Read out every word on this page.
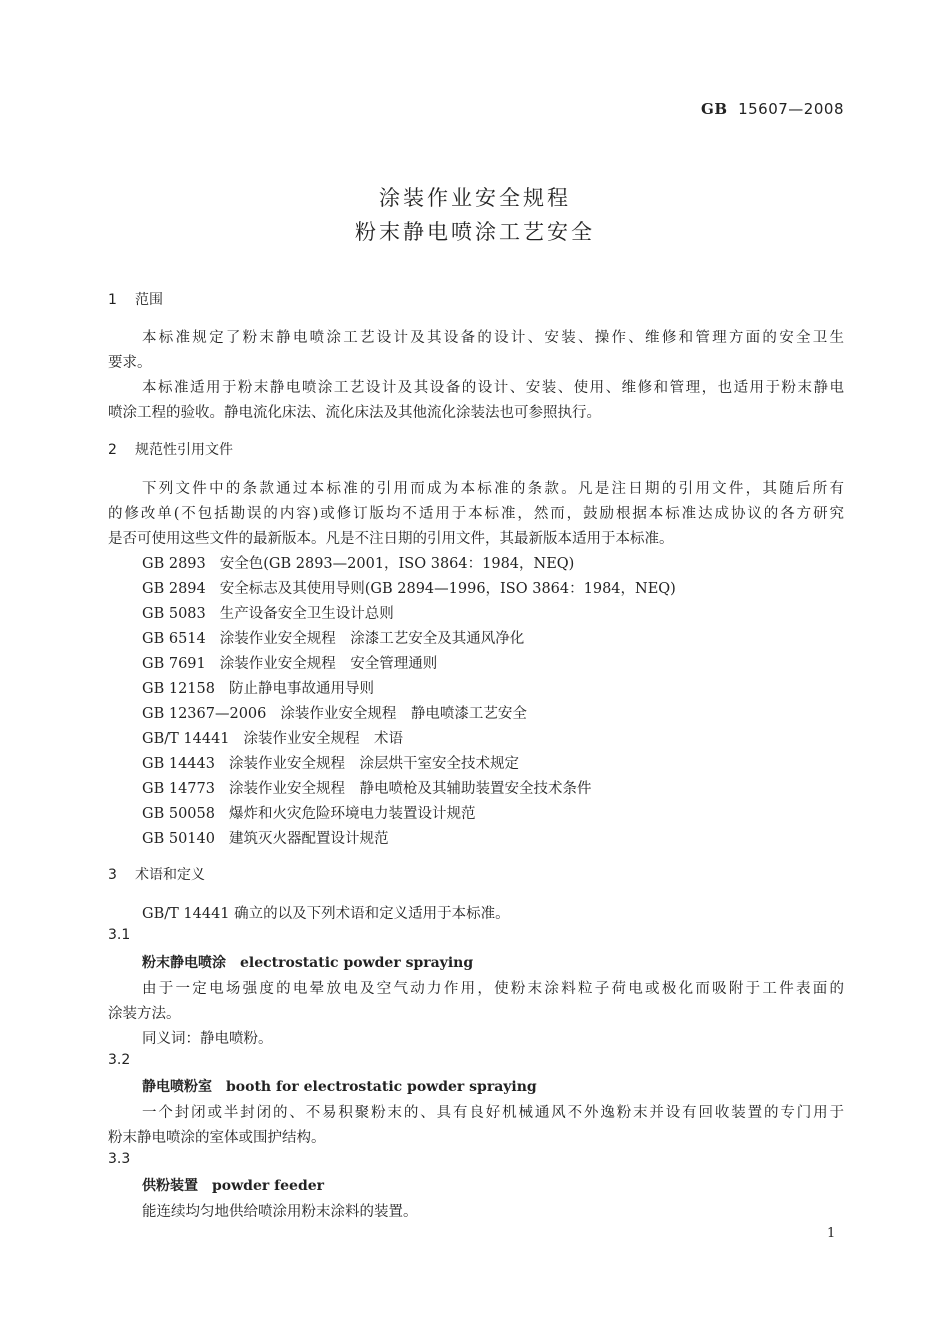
GB 15607—2008
涂装作业安全规程
粉末静电喷涂工艺安全
1 范围
本标准规定了粉末静电喷涂工艺设计及其设备的设计、安装、操作、维修和管理方面的安全卫生
要求。
本标准适用于粉末静电喷涂工艺设计及其设备的设计、安装、使用、维修和管理，也适用于粉末静电
喷涂工程的验收。静电流化床法、流化床法及其他流化涂装法也可参照执行。
2 规范性引用文件
下列文件中的条款通过本标准的引用而成为本标准的条款。凡是注日期的引用文件，其随后所有
的修改单(不包括勘误的内容)或修订版均不适用于本标准，然而，鼓励根据本标准达成协议的各方研究
是否可使用这些文件的最新版本。凡是不注日期的引用文件，其最新版本适用于本标准。
GB 2893 安全色(GB 2893—2001，ISO 3864：1984，NEQ)
GB 2894 安全标志及其使用导则(GB 2894—1996，ISO 3864：1984，NEQ)
GB 5083 生产设备安全卫生设计总则
GB 6514 涂装作业安全规程　涂漆工艺安全及其通风净化
GB 7691 涂装作业安全规程　安全管理通则
GB 12158 防止静电事故通用导则
GB 12367—2006 涂装作业安全规程　静电喷漆工艺安全
GB/T 14441 涂装作业安全规程　术语
GB 14443 涂装作业安全规程　涂层烘干室安全技术规定
GB 14773 涂装作业安全规程　静电喷枪及其辅助装置安全技术条件
GB 50058 爆炸和火灾危险环境电力装置设计规范
GB 50140 建筑灭火器配置设计规范
3 术语和定义
GB/T 14441 确立的以及下列术语和定义适用于本标准。
3.1
粉末静电喷涂 electrostatic powder spraying
由于一定电场强度的电晕放电及空气动力作用，使粉末涂料粒子荷电或极化而吸附于工件表面的
涂装方法。
同义词：静电喷粉。
3.2
静电喷粉室 booth for electrostatic powder spraying
一个封闭或半封闭的、不易积聚粉末的、具有良好机械通风不外逸粉末并设有回收装置的专门用于
粉末静电喷涂的室体或围护结构。
3.3
供粉装置 powder feeder
能连续均匀地供给喷涂用粉末涂料的装置。
1
